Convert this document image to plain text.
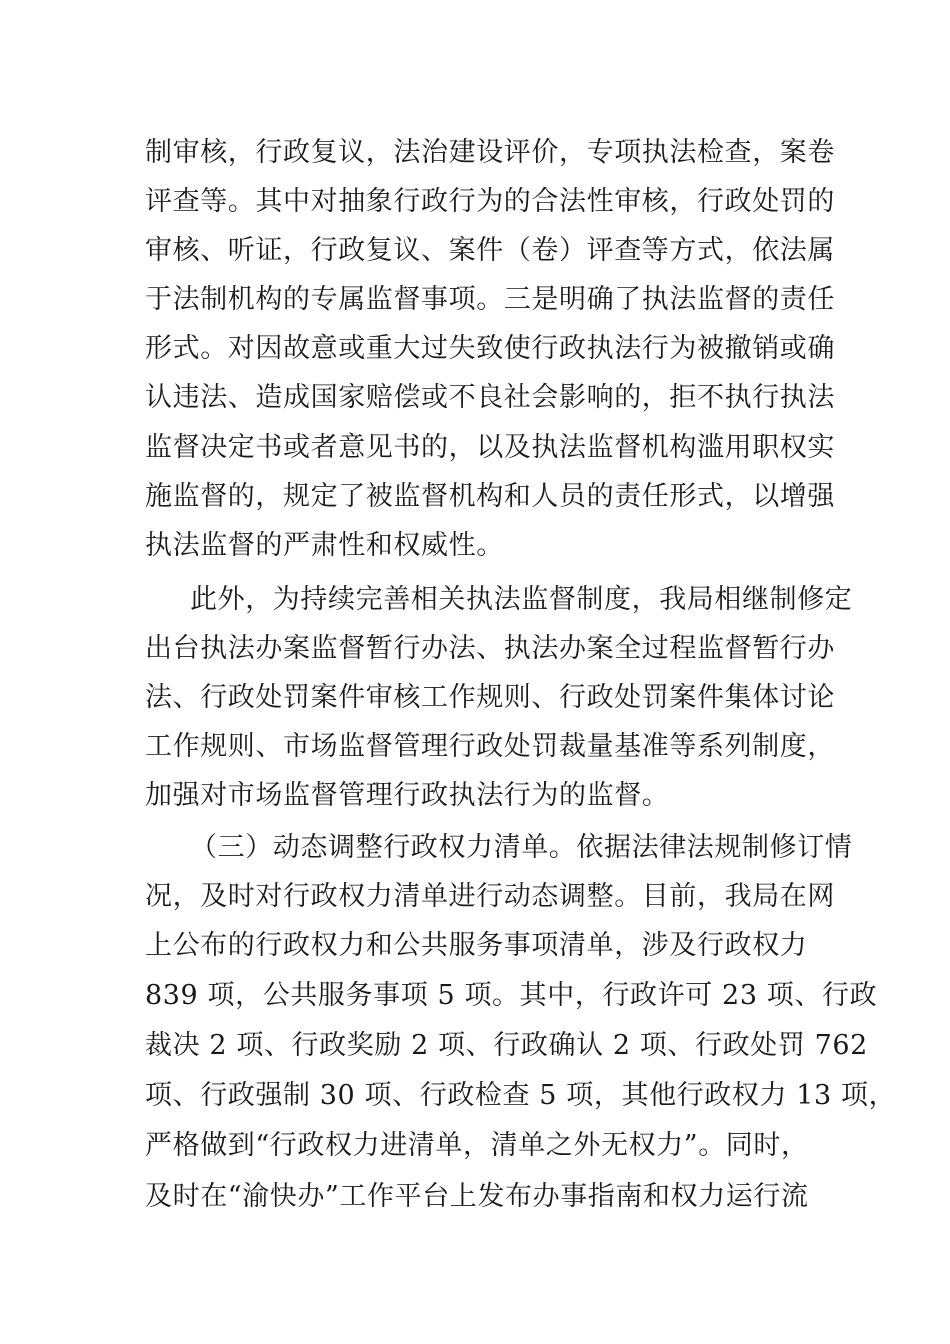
制审核，行政复议，法治建设评价，专项执法检查，案卷
评查等。其中对抽象行政行为的合法性审核，行政处罚的
审核、听证，行政复议、案件（卷）评查等方式，依法属
于法制机构的专属监督事项。三是明确了执法监督的责任
形式。对因故意或重大过失致使行政执法行为被撤销或确
认违法、造成国家赔偿或不良社会影响的，拒不执行执法
监督决定书或者意见书的，以及执法监督机构滥用职权实
施监督的，规定了被监督机构和人员的责任形式，以增强
执法监督的严肃性和权威性。
此外，为持续完善相关执法监督制度，我局相继制修定
出台执法办案监督暂行办法、执法办案全过程监督暂行办
法、行政处罚案件审核工作规则、行政处罚案件集体讨论
工作规则、市场监督管理行政处罚裁量基准等系列制度，
加强对市场监督管理行政执法行为的监督。
（三）动态调整行政权力清单。依据法律法规制修订情
况，及时对行政权力清单进行动态调整。目前，我局在网
上公布的行政权力和公共服务事项清单，涉及行政权力
839 项，公共服务事项 5 项。其中，行政许可 23 项、行政
裁决 2 项、行政奖励 2 项、行政确认 2 项、行政处罚 762
项、行政强制 30 项、行政检查 5 项，其他行政权力 13 项，
严格做到“行政权力进清单，清单之外无权力”。同时，
及时在“渝快办”工作平台上发布办事指南和权力运行流
